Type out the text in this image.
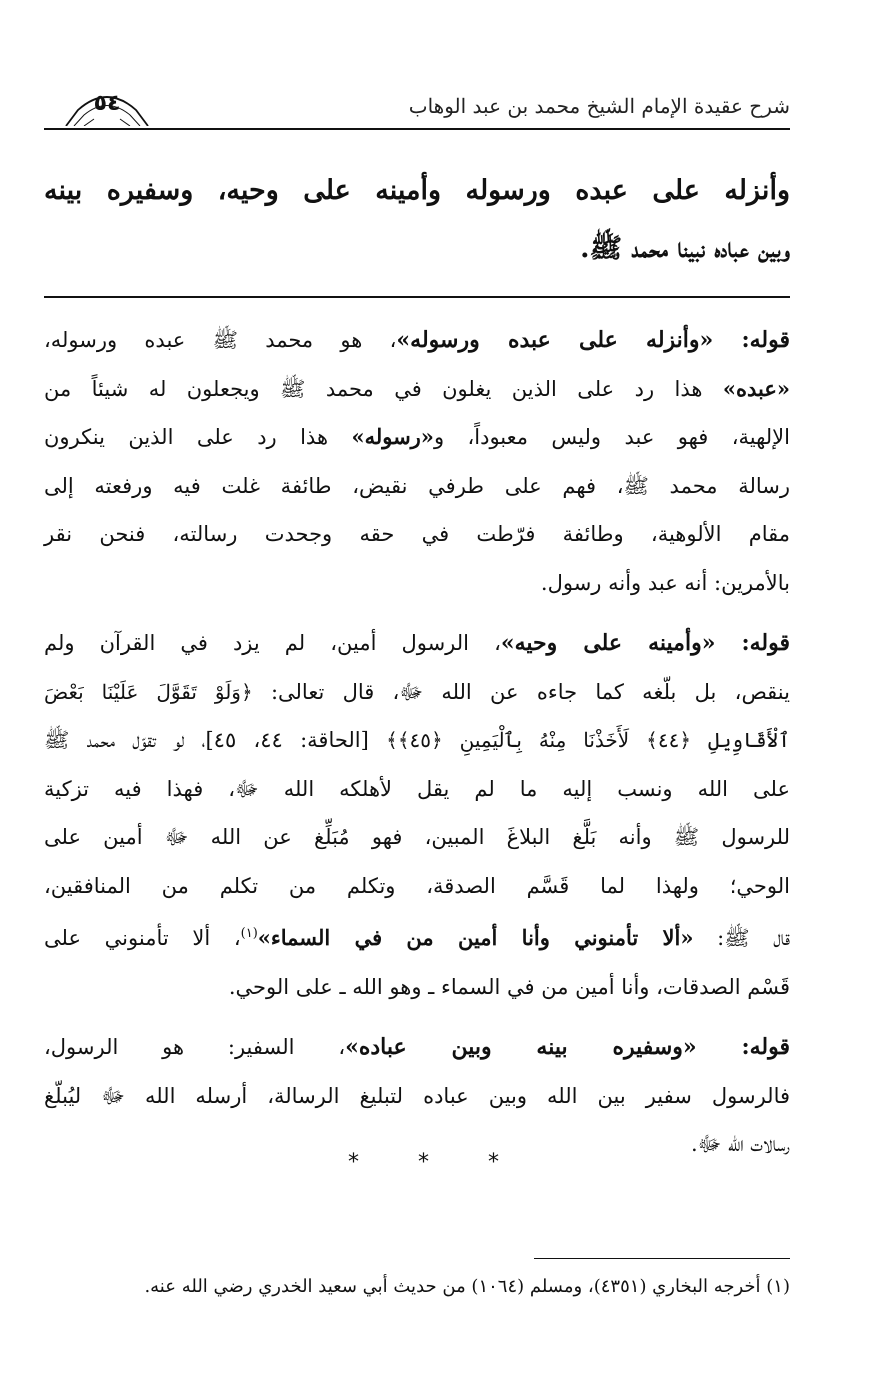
شرح عقيدة الإمام الشيخ محمد بن عبد الوهاب
٥٤
وأنزله على عبده ورسوله وأمينه على وحيه، وسفيره بينه
وبين عباده نبينا محمد ﷺ.
قوله: «وأنزله على عبده ورسوله»، هو محمد ﷺ عبده ورسوله،
«عبده» هذا رد على الذين يغلون في محمد ﷺ ويجعلون له شيئاً من
الإلهية، فهو عبد وليس معبوداً، و«رسوله» هذا رد على الذين ينكرون
رسالة محمد ﷺ، فهم على طرفي نقيض، طائفة غلت فيه ورفعته إلى
مقام الألوهية، وطائفة فرّطت في حقه وجحدت رسالته، فنحن نقر
بالأمرين: أنه عبد وأنه رسول.
قوله: «وأمينه على وحيه»، الرسول أمين، لم يزد في القرآن ولم
ينقص، بل بلّغه كما جاءه عن الله ﷻ، قال تعالى: ﴿وَلَوْ تَقَوَّلَ عَلَيْنَا بَعْضَ
ٱلْأَقَاوِيلِ ﴿٤٤﴾ لَأَخَذْنَا مِنْهُ بِٱلْيَمِينِ ﴿٤٥﴾﴾ [الحاقة: ٤٤، ٤٥]، لو تقوّل محمد ﷺ
على الله ونسب إليه ما لم يقل لأهلكه الله ﷻ، فهذا فيه تزكية
للرسول ﷺ وأنه بَلَّغ البلاغَ المبين، فهو مُبَلِّغ عن الله ﷻ أمين على
الوحي؛ ولهذا لما قَسَّم الصدقة، وتكلم من تكلم من المنافقين،
قال ﷺ: «ألا تأمنوني وأنا أمين من في السماء»$^{(١)}$، ألا تأمنوني على
قَسْم الصدقات، وأنا أمين من في السماء ـ وهو الله ـ على الوحي.
قوله: «وسفيره بينه وبين عباده»، السفير: هو الرسول،
فالرسول سفير بين الله وبين عباده لتبليغ الرسالة، أرسله الله ﷻ ليُبلّغ
رسالات الله ﷻ.
* * *
(١) أخرجه البخاري (٤٣٥١)، ومسلم (١٠٦٤) من حديث أبي سعيد الخدري رضي الله عنه.
